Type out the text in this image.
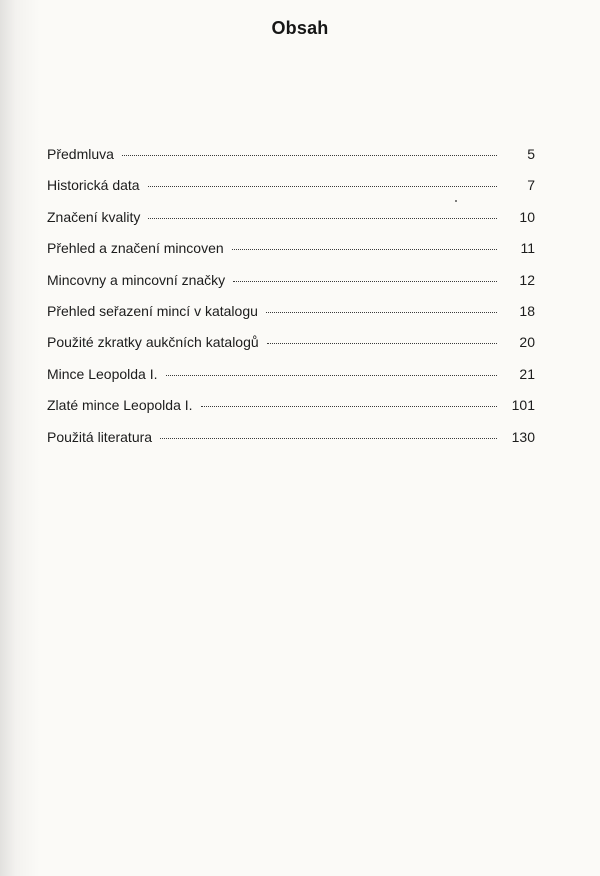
Obsah
Předmluva	5
Historická data	7
Značení kvality	10
Přehled a značení mincoven	11
Mincovny a mincovní značky	12
Přehled seřazení mincí v katalogu	18
Použité zkratky aukčních katalogů	20
Mince Leopolda I.	21
Zlaté mince Leopolda I.	101
Použitá literatura	130
